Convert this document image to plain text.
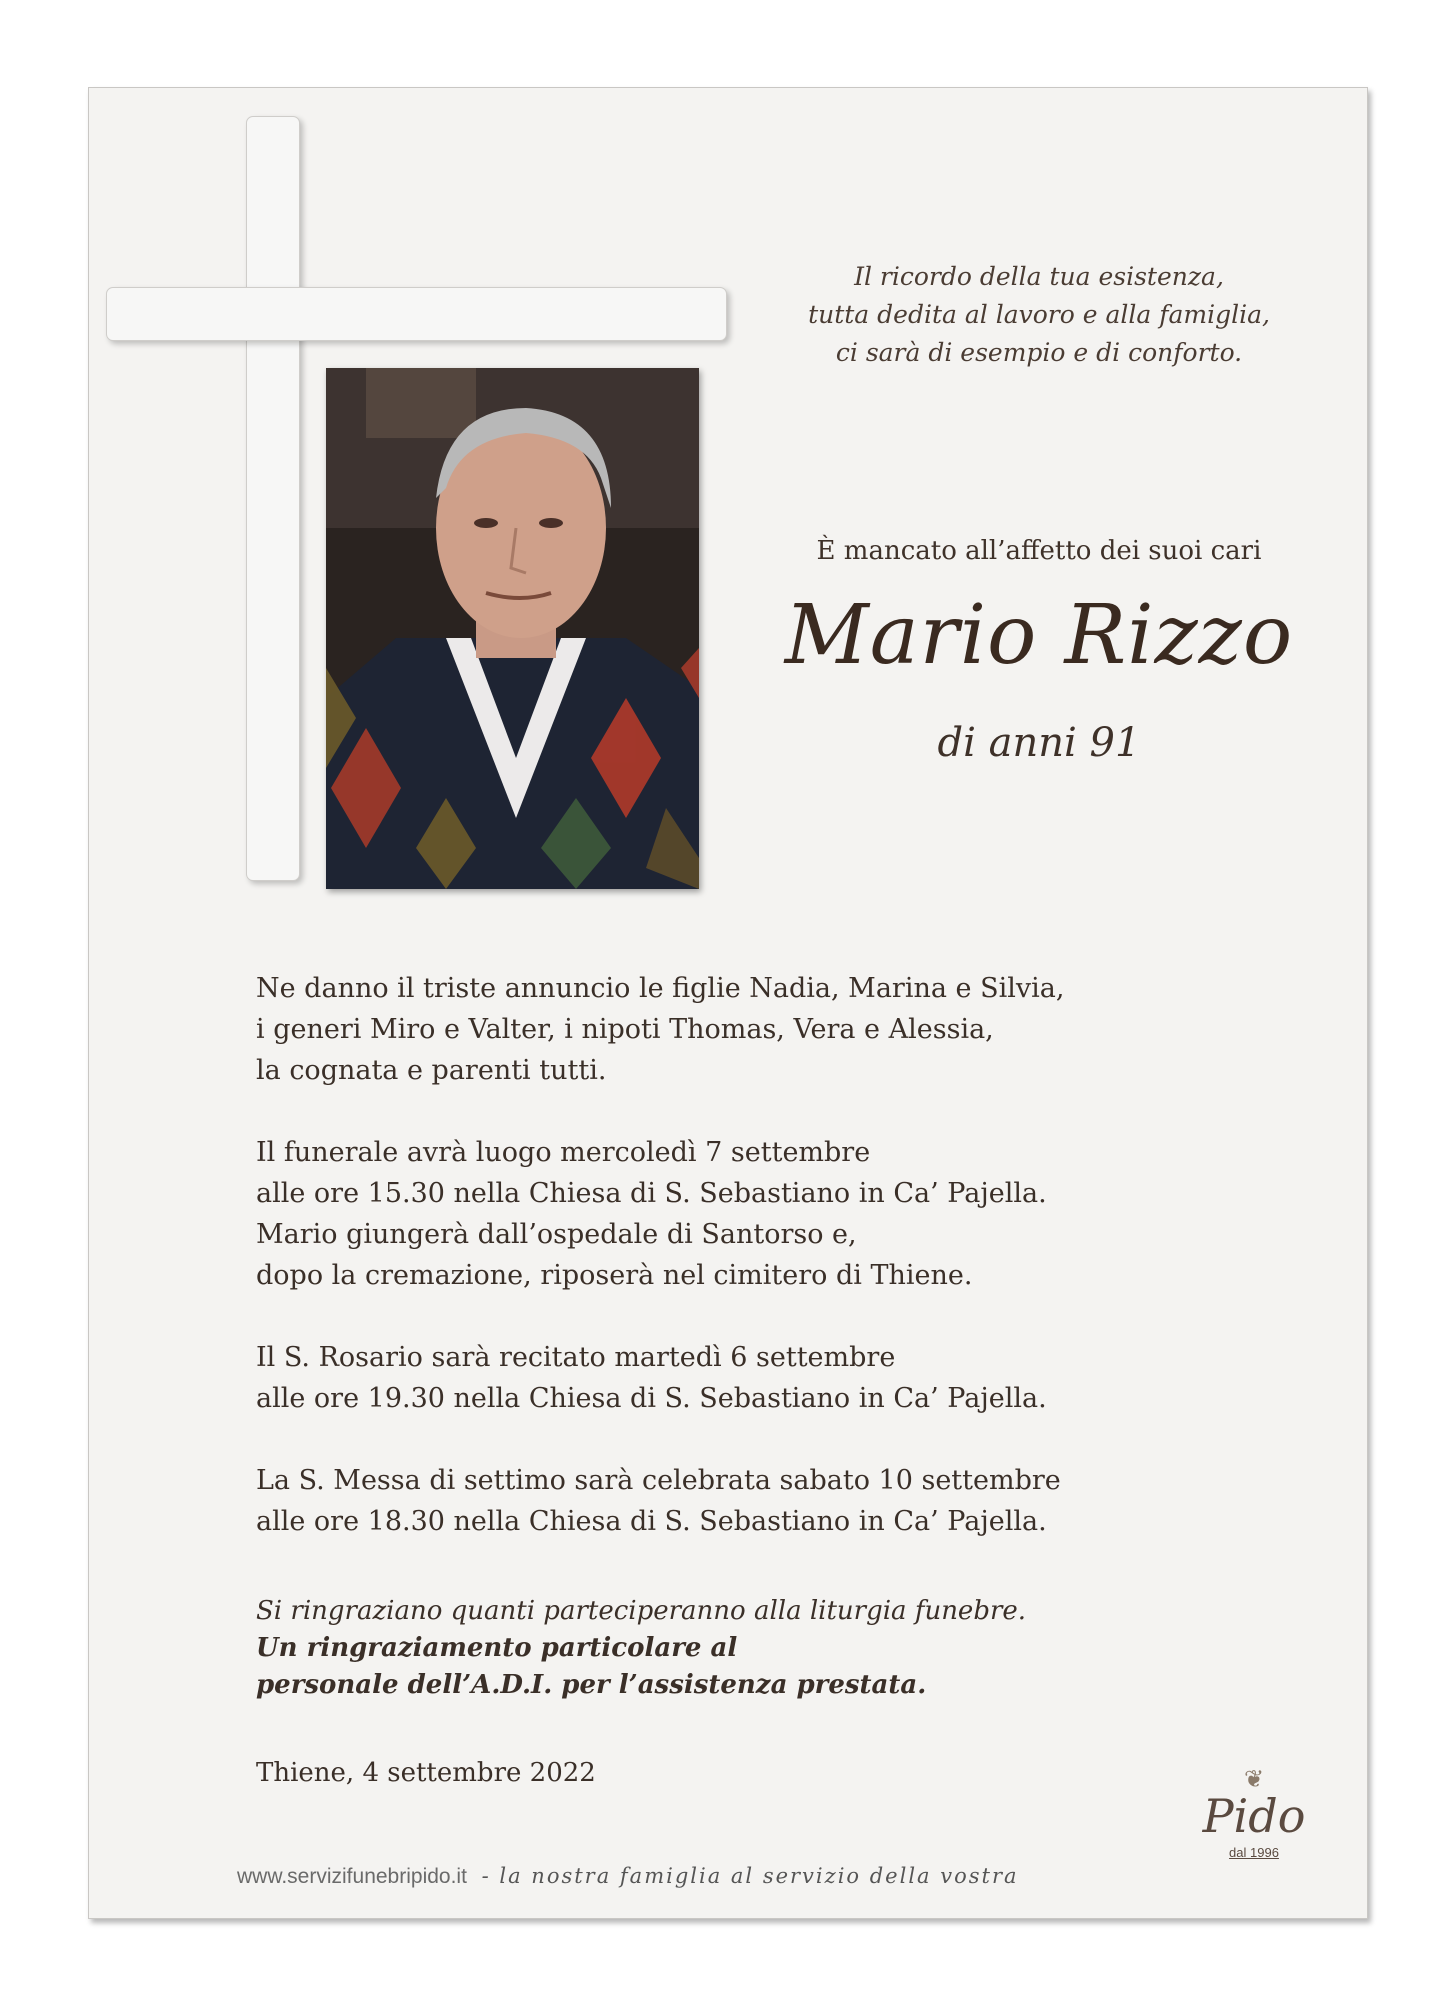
Il ricordo della tua esistenza,
tutta dedita al lavoro e alla famiglia,
ci sarà di esempio e di conforto.
È mancato all’affetto dei suoi cari
Mario Rizzo
di anni 91
Ne danno il triste annuncio le figlie Nadia, Marina e Silvia,
i generi Miro e Valter, i nipoti Thomas, Vera e Alessia,
la cognata e parenti tutti.
Il funerale avrà luogo mercoledì 7 settembre
alle ore 15.30 nella Chiesa di S. Sebastiano in Ca’ Pajella.
Mario giungerà dall’ospedale di Santorso e,
dopo la cremazione, riposerà nel cimitero di Thiene.
Il S. Rosario sarà recitato martedì 6 settembre
alle ore 19.30 nella Chiesa di S. Sebastiano in Ca’ Pajella.
La S. Messa di settimo sarà celebrata sabato 10 settembre
alle ore 18.30 nella Chiesa di S. Sebastiano in Ca’ Pajella.
Si ringraziano quanti parteciperanno alla liturgia funebre.
Un ringraziamento particolare al
personale dell’A.D.I. per l’assistenza prestata.
Thiene, 4 settembre 2022
www.servizifunebripido.it - la nostra famiglia al servizio della vostra
❦
Pido
dal 1996
